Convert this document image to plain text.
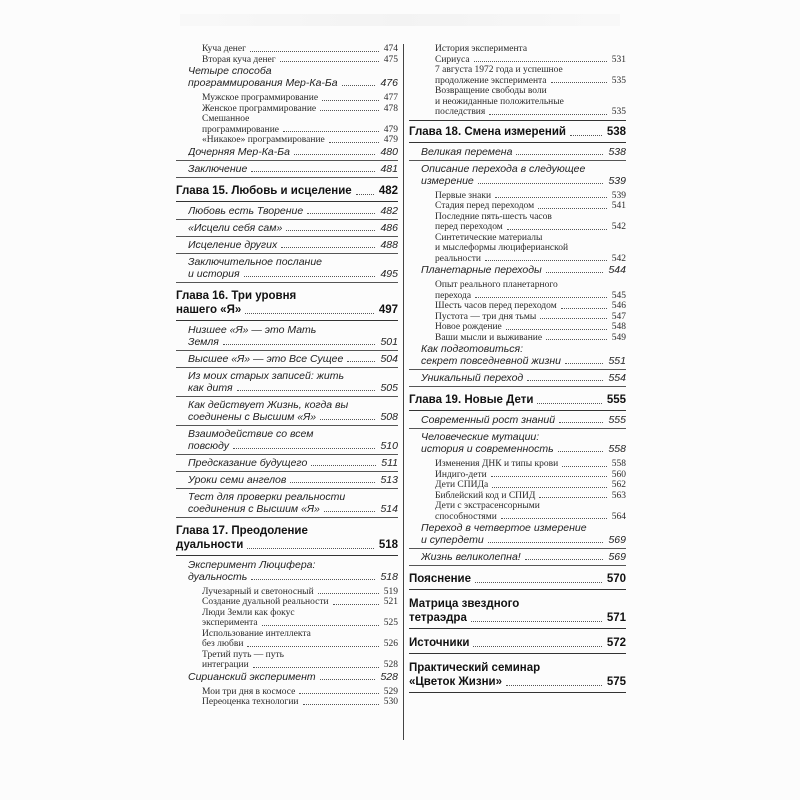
Куча денег	474
Вторая куча денег	475
Четыре способа
программирования Мер-Ка-Ба	476
Мужское программирование	477
Женское программирование	478
Смешанное
программирование	479
«Никакое» программирование	479
Дочерняя Мер-Ка-Ба	480
Заключение	481
Глава 15. Любовь и исцеление 482
Любовь есть Творение	482
«Исцели себя сам»	486
Исцеление других	488
Заключительное послание
и история	495
Глава 16. Три уровня
нашего «Я»	497
Низшее «Я» — это Мать
Земля	501
Высшее «Я» — это Все Сущее	504
Из моих старых записей: жить
как дитя	505
Как действует Жизнь, когда вы
соединены с Высшим «Я»	508
Взаимодействие со всем
повсюду	510
Предсказание будущего	511
Уроки семи ангелов	513
Тест для проверки реальности
соединения с Высшим «Я»	514
Глава 17. Преодоление
дуальности	518
Эксперимент Люцифера:
дуальность	518
Лучезарный и светоносный	519
Создание дуальной реальности	521
Люди Земли как фокус
эксперимента	525
Использование интеллекта
без любви	526
Третий путь — путь
интеграции	528
Сирианский эксперимент	528
Мои три дня в космосе	529
Переоценка технологии	530
История эксперимента
Сириуса	531
7 августа 1972 года и успешное
продолжение эксперимента	535
Возвращение свободы воли
и неожиданные положительные
последствия	535
Глава 18. Смена измерений	538
Великая перемена	538
Описание перехода в следующее
измерение	539
Первые знаки	539
Стадия перед переходом	541
Последние пять-шесть часов
перед переходом	542
Синтетические материалы
и мыслеформы люциферианской
реальности	542
Планетарные переходы	544
Опыт реального планетарного
перехода	545
Шесть часов перед переходом	546
Пустота — три дня тьмы	547
Новое рождение	548
Ваши мысли и выживание	549
Как подготовиться:
секрет повседневной жизни	551
Уникальный переход	554
Глава 19. Новые Дети	555
Современный рост знаний	555
Человеческие мутации:
история и современность	558
Изменения ДНК и типы крови	558
Индиго-дети	560
Дети СПИДа	562
Библейский код и СПИД	563
Дети с экстрасенсорными
способностями	564
Переход в четвертое измерение
и супердети	569
Жизнь великолепна!	569
Пояснение	570
Матрица звездного
тетраэдра	571
Источники	572
Практический семинар
«Цветок Жизни»	575
